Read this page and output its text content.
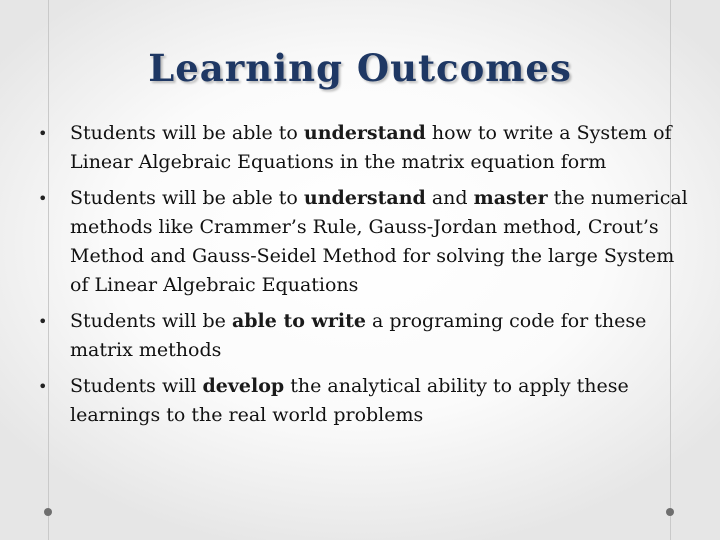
Learning Outcomes
• Students will be able to understand how to write a System of Linear Algebraic Equations in the matrix equation form
• Students will be able to understand and master the numerical methods like Crammer’s Rule, Gauss-Jordan method, Crout’s Method and Gauss-Seidel Method for solving the large System of Linear Algebraic Equations
• Students will be able to write a programing code for these matrix methods
• Students will develop the analytical ability to apply these learnings to the real world problems
